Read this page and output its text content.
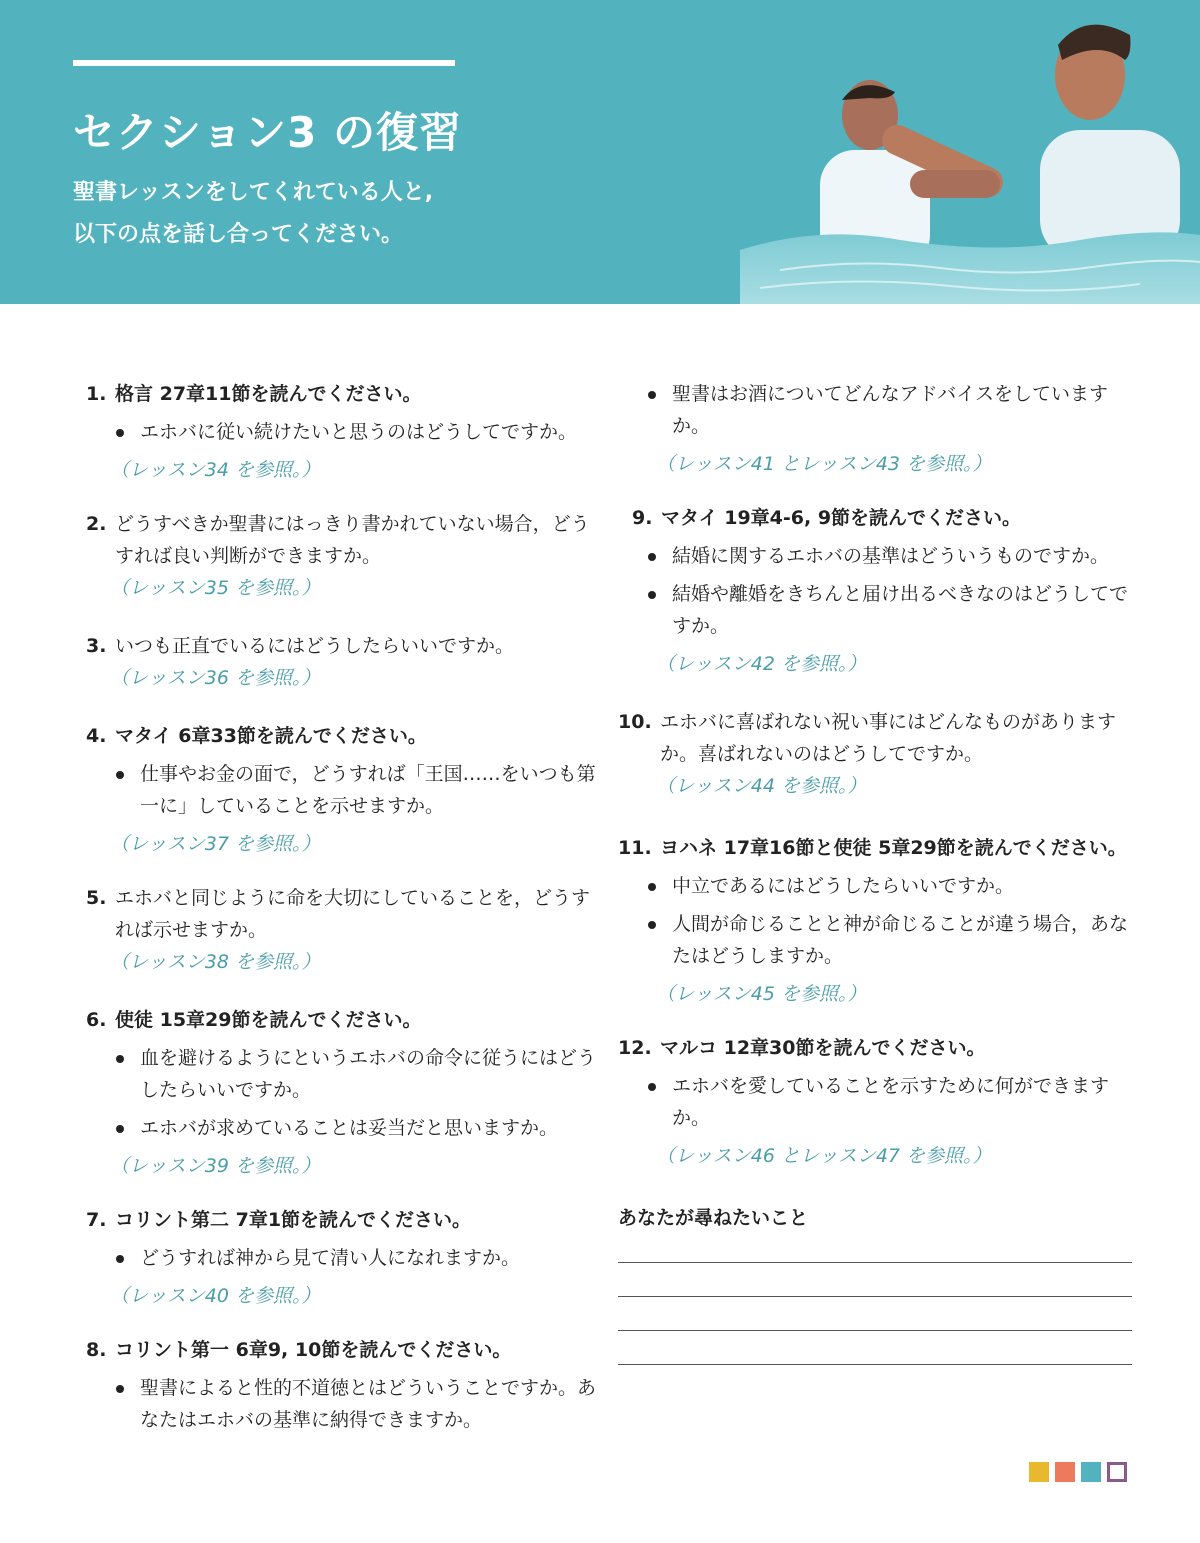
セクション3 の復習
聖書レッスンをしてくれている人と,
以下の点を話し合ってください。
1. 格言 27章11節を読んでください。
エホバに従い続けたいと思うのはどうしてですか。
（レッスン34 を参照。）
2. どうすべきか聖書にはっきり書かれていない場合，どうすれば良い判断ができますか。
（レッスン35 を参照。）
3. いつも正直でいるにはどうしたらいいですか。
（レッスン36 を参照。）
4. マタイ 6章33節を読んでください。
仕事やお金の面で，どうすれば「王国……をいつも第一に」していることを示せますか。
（レッスン37 を参照。）
5. エホバと同じように命を大切にしていることを，どうすれば示せますか。
（レッスン38 を参照。）
6. 使徒 15章29節を読んでください。
血を避けるようにというエホバの命令に従うにはどうしたらいいですか。
エホバが求めていることは妥当だと思いますか。
（レッスン39 を参照。）
7. コリント第二 7章1節を読んでください。
どうすれば神から見て清い人になれますか。
（レッスン40 を参照。）
8. コリント第一 6章9, 10節を読んでください。
聖書によると性的不道徳とはどういうことですか。あなたはエホバの基準に納得できますか。
聖書はお酒についてどんなアドバイスをしていますか。
（レッスン41 とレッスン43 を参照。）
9. マタイ 19章4-6, 9節を読んでください。
結婚に関するエホバの基準はどういうものですか。
結婚や離婚をきちんと届け出るべきなのはどうしてですか。
（レッスン42 を参照。）
10. エホバに喜ばれない祝い事にはどんなものがありますか。喜ばれないのはどうしてですか。
（レッスン44 を参照。）
11. ヨハネ 17章16節と使徒 5章29節を読んでください。
中立であるにはどうしたらいいですか。
人間が命じることと神が命じることが違う場合，あなたはどうしますか。
（レッスン45 を参照。）
12. マルコ 12章30節を読んでください。
エホバを愛していることを示すために何ができますか。
（レッスン46 とレッスン47 を参照。）
あなたが尋ねたいこと
